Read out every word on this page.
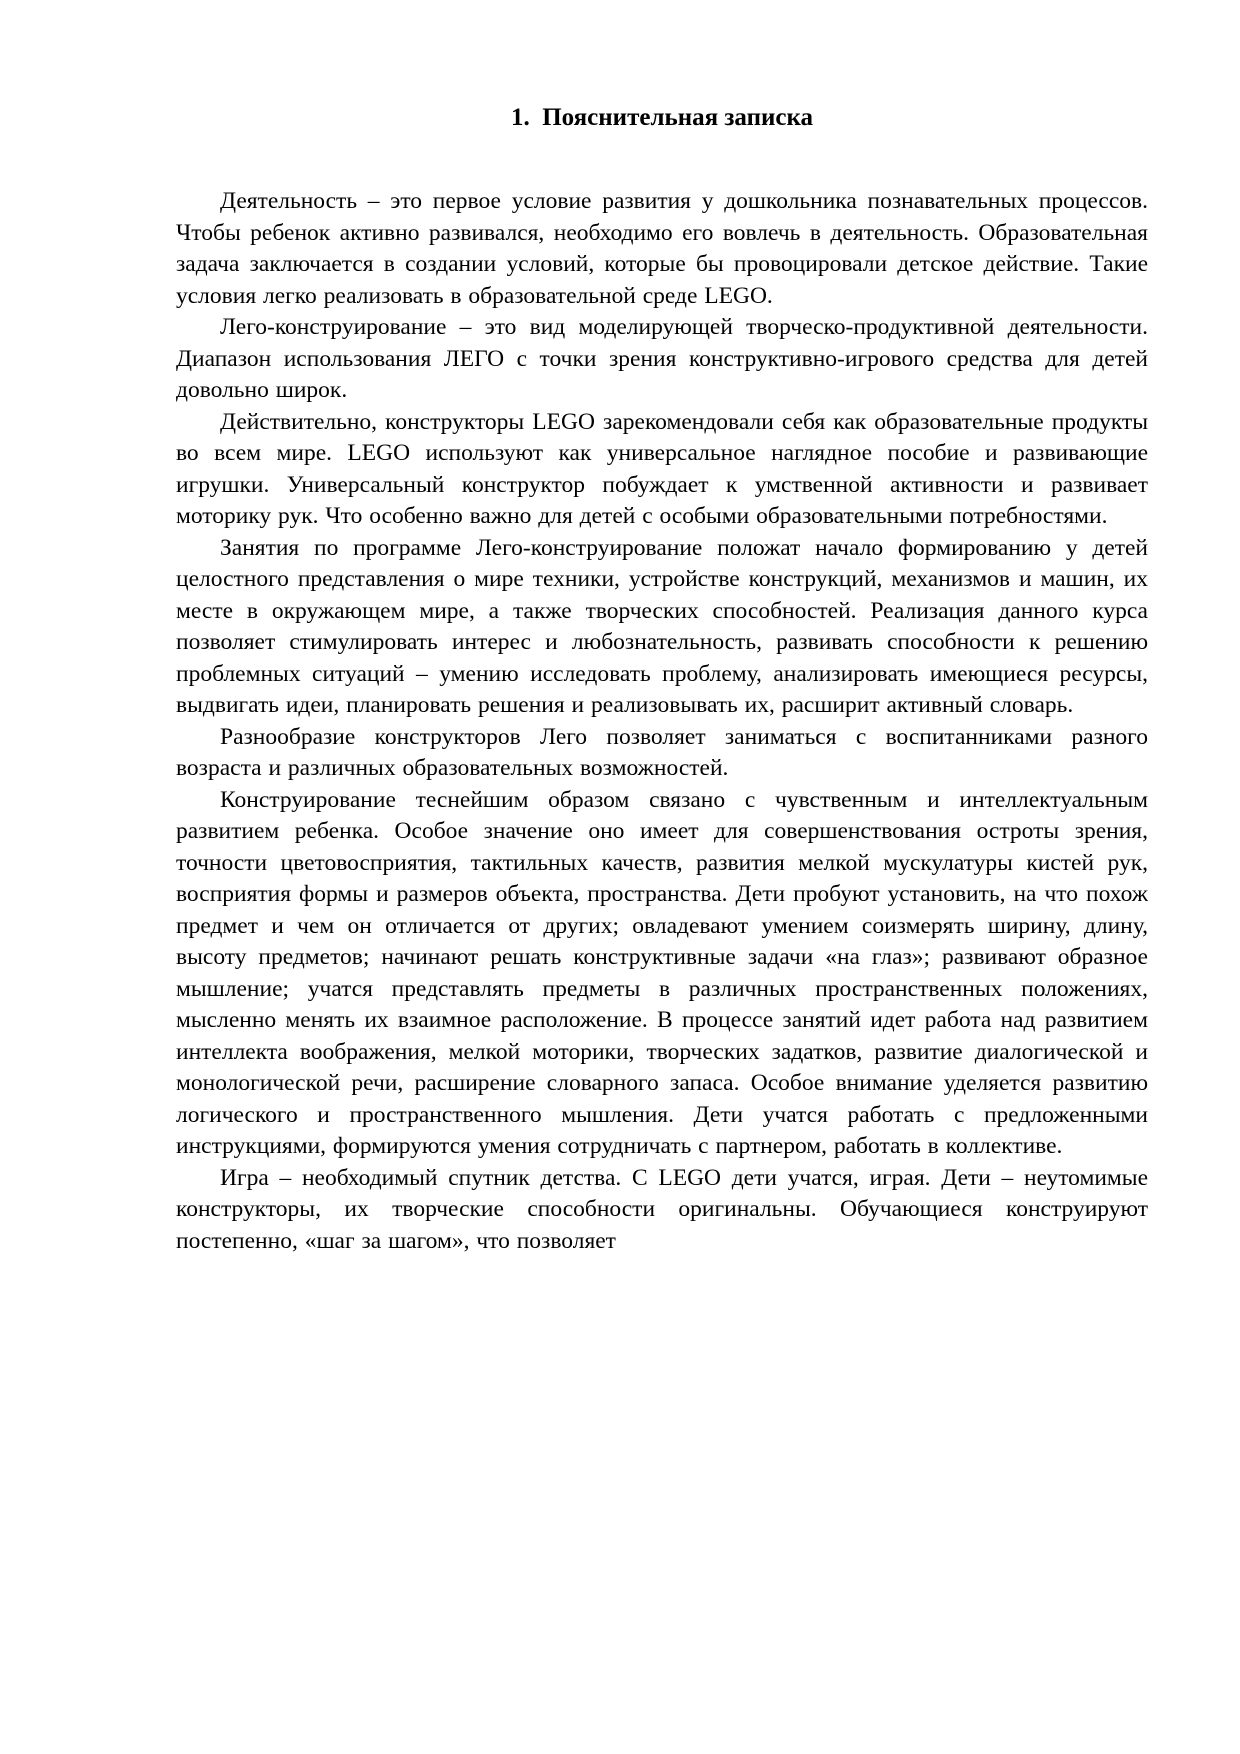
1.  Пояснительная записка

Деятельность – это первое условие развития у дошкольника познавательных процессов. Чтобы ребенок активно развивался, необходимо его вовлечь в деятельность. Образовательная задача заключается в создании условий, которые бы провоцировали детское действие. Такие условия легко реализовать в образовательной среде LEGO.

Лего-конструирование – это вид моделирующей творческо-продуктивной деятельности. Диапазон использования ЛЕГО с точки зрения конструктивно-игрового средства для детей довольно широк.

Действительно, конструкторы LEGO зарекомендовали себя как образовательные продукты во всем мире. LEGO используют как универсальное наглядное пособие и развивающие игрушки. Универсальный конструктор побуждает к умственной активности и развивает моторику рук. Что особенно важно для детей с особыми образовательными потребностями.

Занятия по программе Лего-конструирование положат начало формированию у детей целостного представления о мире техники, устройстве конструкций, механизмов и машин, их месте в окружающем мире, а также творческих способностей. Реализация данного курса позволяет стимулировать интерес и любознательность, развивать способности к решению проблемных ситуаций – умению исследовать проблему, анализировать имеющиеся ресурсы, выдвигать идеи, планировать решения и реализовывать их, расширит активный словарь.

Разнообразие конструкторов Лего позволяет заниматься с воспитанниками разного возраста и различных образовательных возможностей.

Конструирование теснейшим образом связано с чувственным и интеллектуальным развитием ребенка. Особое значение оно имеет для совершенствования остроты зрения, точности цветовосприятия, тактильных качеств, развития мелкой мускулатуры кистей рук, восприятия формы и размеров объекта, пространства. Дети пробуют установить, на что похож предмет и чем он отличается от других; овладевают умением соизмерять ширину, длину, высоту предметов; начинают решать конструктивные задачи «на глаз»; развивают образное мышление; учатся представлять предметы в различных пространственных положениях, мысленно менять их взаимное расположение. В процессе занятий идет работа над развитием интеллекта воображения, мелкой моторики, творческих задатков, развитие диалогической и монологической речи, расширение словарного запаса. Особое внимание уделяется развитию логического и пространственного мышления. Дети учатся работать с предложенными инструкциями, формируются умения сотрудничать с партнером, работать в коллективе.

Игра – необходимый спутник детства. С LEGO дети учатся, играя. Дети – неутомимые конструкторы, их творческие способности оригинальны. Обучающиеся конструируют постепенно, «шаг за шагом», что позволяет
